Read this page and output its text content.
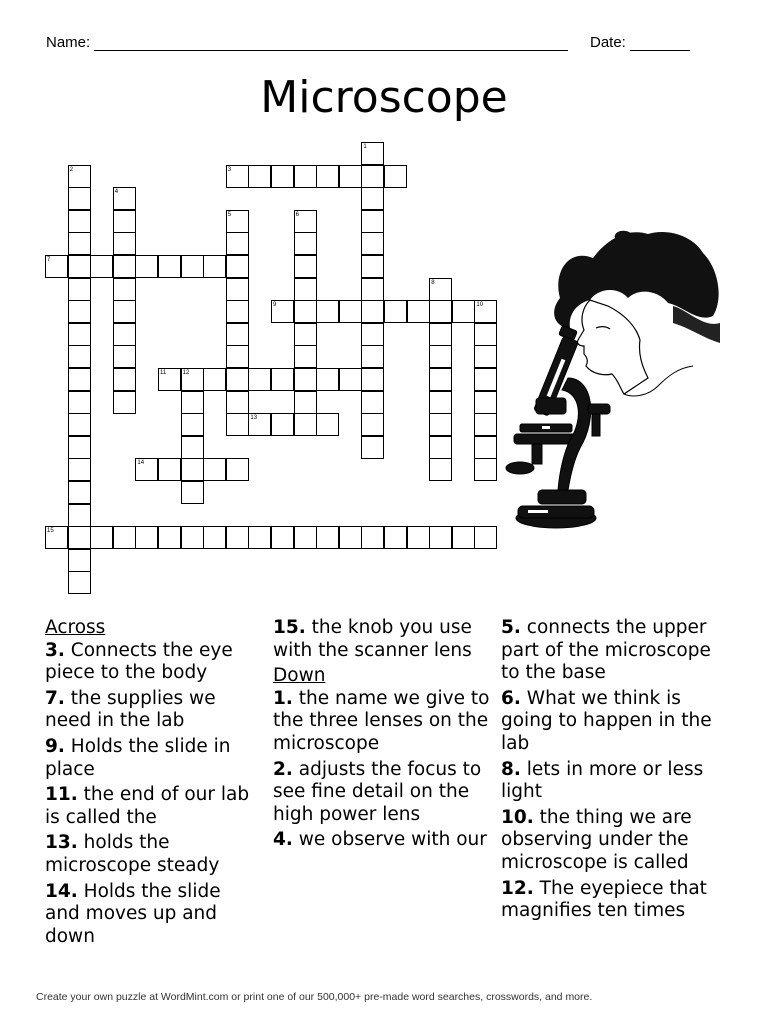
Name:	Date:
Microscope
1
2	3
4
5	6
7
8
9	10
11	12
13
14
15
Across
3. Connects the eye piece to the body
7. the supplies we need in the lab
9. Holds the slide in place
11. the end of our lab is called the
13. holds the microscope steady
14. Holds the slide and moves up and down
15. the knob you use with the scanner lens
Down
1. the name we give to the three lenses on the microscope
2. adjusts the focus to see fine detail on the high power lens
4. we observe with our
5. connects the upper part of the microscope to the base
6. What we think is going to happen in the lab
8. lets in more or less light
10. the thing we are observing under the microscope is called
12. The eyepiece that magnifies ten times
Create your own puzzle at WordMint.com or print one of our 500,000+ pre-made word searches, crosswords, and more.
